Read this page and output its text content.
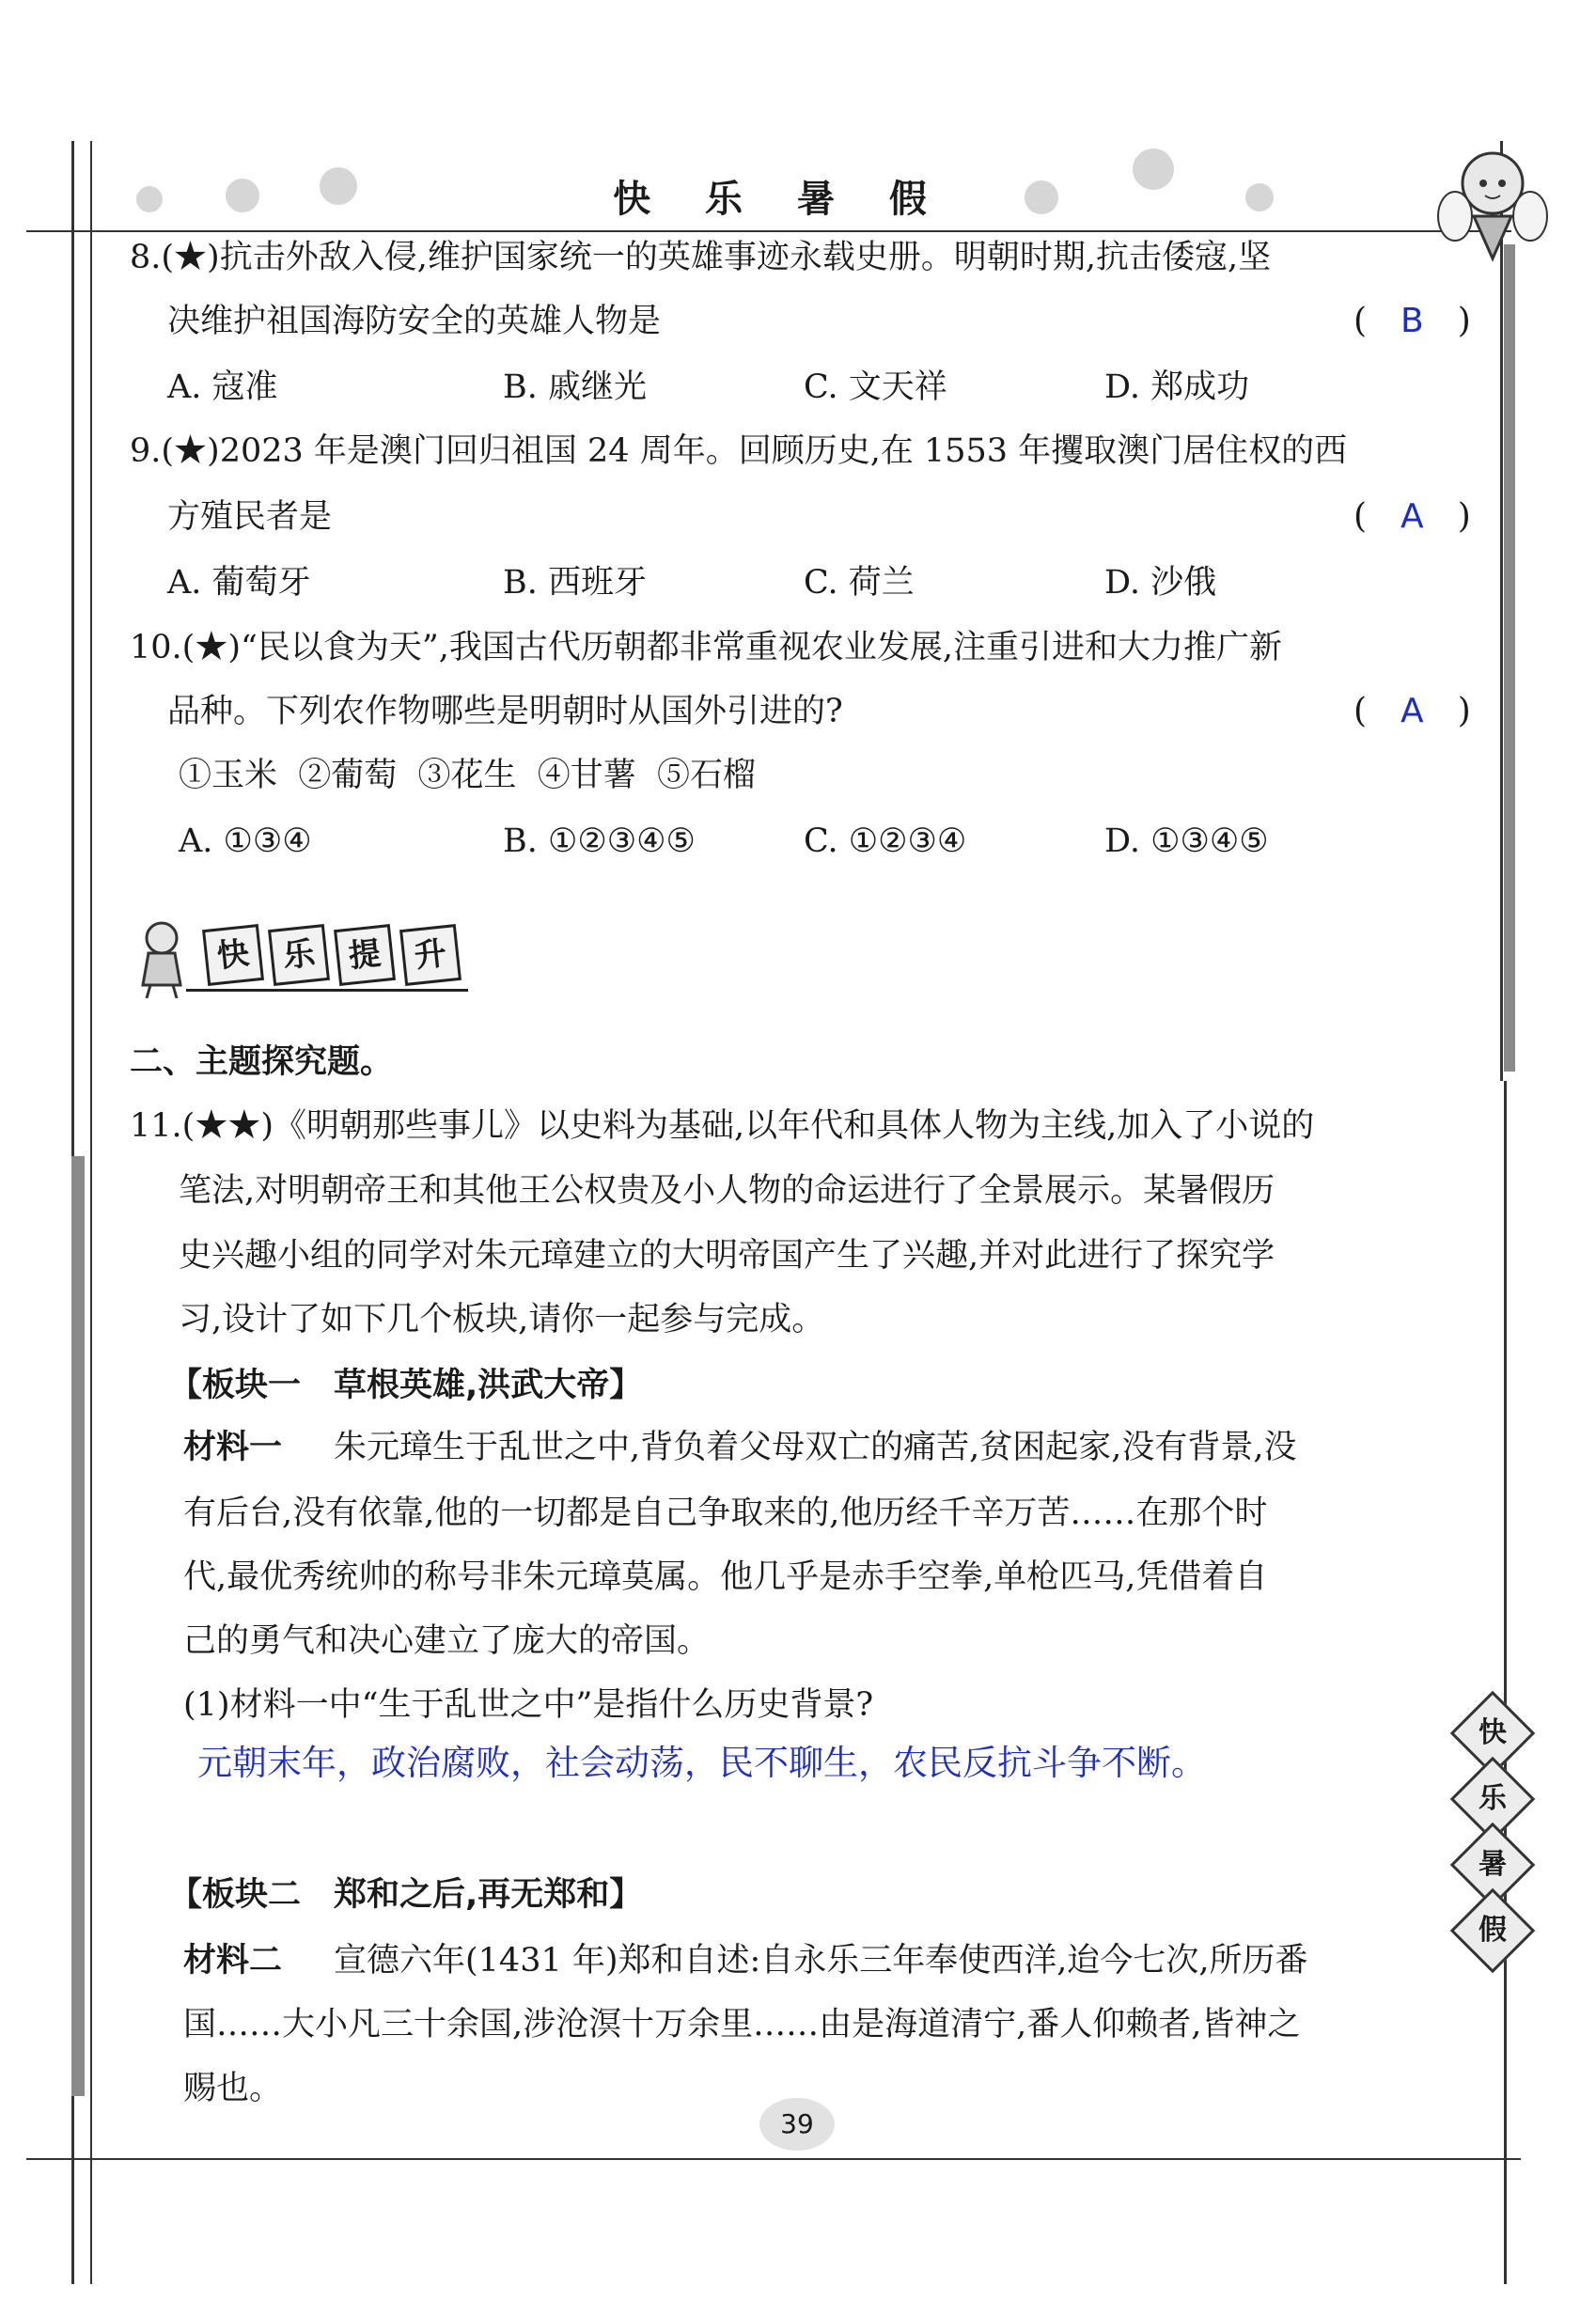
快 乐 暑 假
8.(★)抗击外敌入侵,维护国家统一的英雄事迹永载史册。明朝时期,抗击倭寇,坚
决维护祖国海防安全的英雄人物是	(　B　)
A. 寇准	B. 戚继光	C. 文天祥	D. 郑成功
9.(★)2023 年是澳门回归祖国 24 周年。回顾历史,在 1553 年攫取澳门居住权的西
方殖民者是	(　A　)
A. 葡萄牙	B. 西班牙	C. 荷兰	D. 沙俄
10.(★)“民以食为天”,我国古代历朝都非常重视农业发展,注重引进和大力推广新
品种。下列农作物哪些是明朝时从国外引进的?	(　A　)
①玉米  ②葡萄  ③花生  ④甘薯  ⑤石榴
A. ①③④	B. ①②③④⑤	C. ①②③④	D. ①③④⑤
快 乐 提 升
二、主题探究题。
11.(★★)《明朝那些事儿》以史料为基础,以年代和具体人物为主线,加入了小说的
笔法,对明朝帝王和其他王公权贵及小人物的命运进行了全景展示。某暑假历
史兴趣小组的同学对朱元璋建立的大明帝国产生了兴趣,并对此进行了探究学
习,设计了如下几个板块,请你一起参与完成。
【板块一　草根英雄,洪武大帝】
材料一 朱元璋生于乱世之中,背负着父母双亡的痛苦,贫困起家,没有背景,没
有后台,没有依靠,他的一切都是自己争取来的,他历经千辛万苦……在那个时
代,最优秀统帅的称号非朱元璋莫属。他几乎是赤手空拳,单枪匹马,凭借着自
己的勇气和决心建立了庞大的帝国。
(1)材料一中“生于乱世之中”是指什么历史背景?
元朝末年，政治腐败，社会动荡，民不聊生，农民反抗斗争不断。
【板块二　郑和之后,再无郑和】
材料二 宣德六年(1431 年)郑和自述:自永乐三年奉使西洋,迨今七次,所历番
国……大小凡三十余国,涉沧溟十万余里……由是海道清宁,番人仰赖者,皆神之
赐也。
快
乐
暑
假
39
